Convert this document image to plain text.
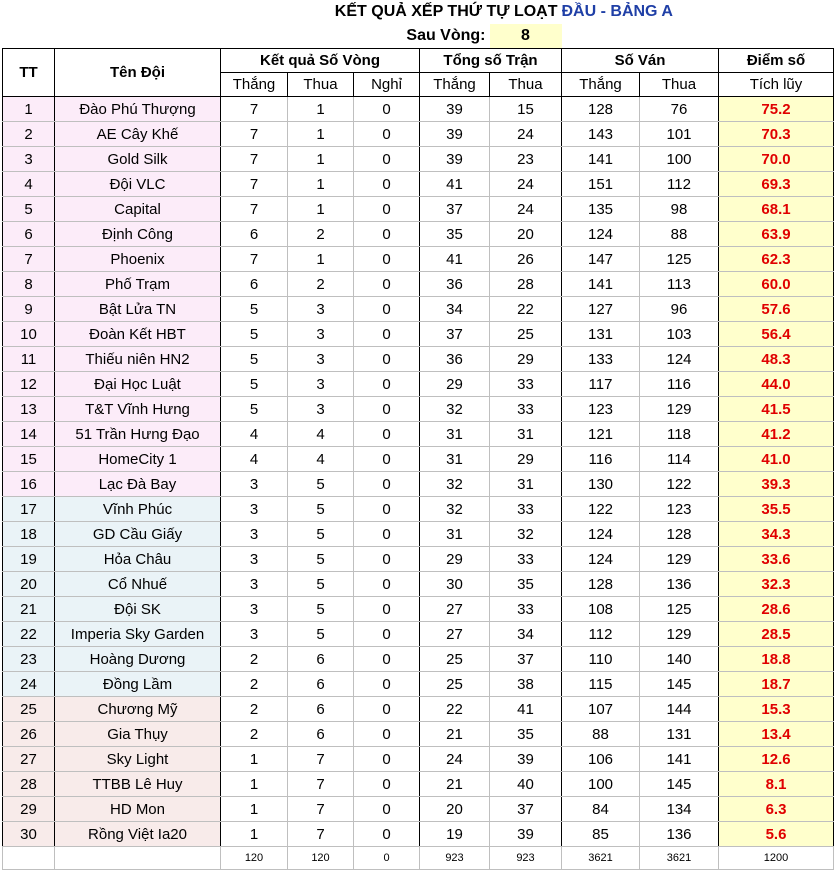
	KẾT QUẢ XẾP THỨ TỰ LOẠT						ĐẦU - BẢNG A		
				Sau Vòng:		8			
TT	Tên Đội	Kết quả Số Vòng			Tổng số Trận		Số Ván		Điểm số
		Thắng	Thua	Nghỉ	Thắng	Thua	Thắng	Thua	Tích lũy
1	Đào Phú Thượng	7	1	0	39	15	128	76	75.2
2	AE Cây Khế	7	1	0	39	24	143	101	70.3
3	Gold Silk	7	1	0	39	23	141	100	70.0
4	Đội VLC	7	1	0	41	24	151	112	69.3
5	Capital	7	1	0	37	24	135	98	68.1
6	Định Công	6	2	0	35	20	124	88	63.9
7	Phoenix	7	1	0	41	26	147	125	62.3
8	Phố Trạm	6	2	0	36	28	141	113	60.0
9	Bật Lửa TN	5	3	0	34	22	127	96	57.6
10	Đoàn Kết HBT	5	3	0	37	25	131	103	56.4
11	Thiếu niên HN2	5	3	0	36	29	133	124	48.3
12	Đại Học Luật	5	3	0	29	33	117	116	44.0
13	T&T Vĩnh Hưng	5	3	0	32	33	123	129	41.5
14	51 Trần Hưng Đạo	4	4	0	31	31	121	118	41.2
15	HomeCity 1	4	4	0	31	29	116	114	41.0
16	Lạc Đà Bay	3	5	0	32	31	130	122	39.3
17	Vĩnh Phúc	3	5	0	32	33	122	123	35.5
18	GD Cầu Giấy	3	5	0	31	32	124	128	34.3
19	Hỏa Châu	3	5	0	29	33	124	129	33.6
20	Cổ Nhuế	3	5	0	30	35	128	136	32.3
21	Đội SK	3	5	0	27	33	108	125	28.6
22	Imperia Sky Garden	3	5	0	27	34	112	129	28.5
23	Hoàng Dương	2	6	0	25	37	110	140	18.8
24	Đồng Lầm	2	6	0	25	38	115	145	18.7
25	Chương Mỹ	2	6	0	22	41	107	144	15.3
26	Gia Thụy	2	6	0	21	35	88	131	13.4
27	Sky Light	1	7	0	24	39	106	141	12.6
28	TTBB Lê Huy	1	7	0	21	40	100	145	8.1
29	HD Mon	1	7	0	20	37	84	134	6.3
30	Rồng Việt Ia20	1	7	0	19	39	85	136	5.6
		120	120	0	923	923	3621	3621	1200
